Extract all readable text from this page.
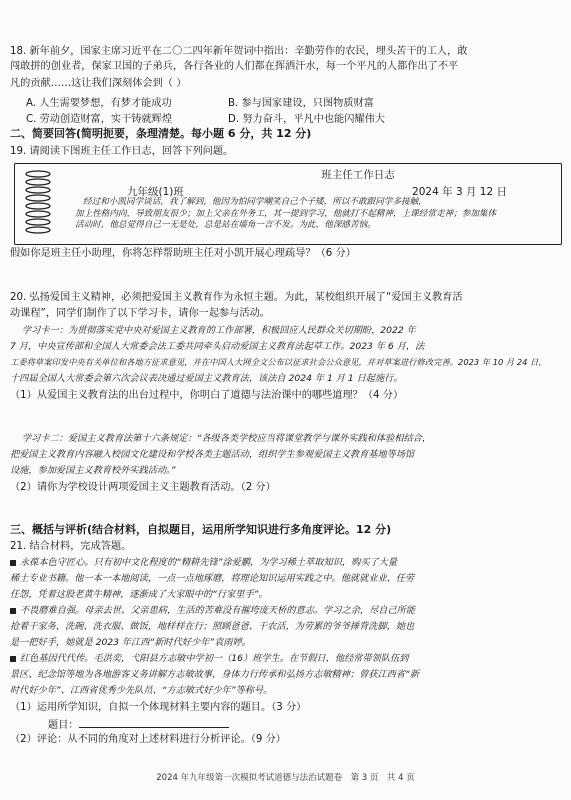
18. 新年前夕，国家主席习近平在二〇二四年新年贺词中指出：辛勤劳作的农民，埋头苦干的工人，敢
闯敢拼的创业者，保家卫国的子弟兵，各行各业的人们都在挥洒汗水，每一个平凡的人都作出了不平
凡的贡献……这让我们深刻体会到（ ）
A. 人生需要梦想，有梦才能成功	B. 参与国家建设，只图物质财富
C. 劳动创造财富，实干铸就辉煌	D. 努力奋斗，平凡中也能闪耀伟大
二、简要回答(简明扼要，条理清楚。每小题 6 分，共 12 分)
19. 请阅读下图班主任工作日志，回答下列问题。
班主任工作日志
九年级(1)班	2024 年 3 月 12 日
经过和小凯同学谈话，我了解到，他因为怕同学嘲笑自己个子矮，所以不敢跟同学多接触，
加上性格内向，导致朋友很少；加上父亲在外务工，其一提到学习，他就打不起精神，上课经常走神；参加集体
活动时，他总觉得自己一无是处，总是站在墙角一言不发。为此，他深感苦恼。
假如你是班主任小助理，你将怎样帮助班主任对小凯开展心理疏导？（6 分）
20. 弘扬爱国主义精神，必须把爱国主义教育作为永恒主题。为此，某校组织开展了“爱国主义教育活
动课程”，同学们制作了以下学习卡，请你一起参与活动。
学习卡一：为贯彻落实党中央对爱国主义教育的工作部署，积极回应人民群众关切期盼，2022 年
7 月，中央宣传部和全国人大常委会法工委共同牵头启动爱国主义教育法起草工作。2023 年 6 月，法
工委将草案印发中央有关单位和各地方征求意见，并在中国人大网全文公布以征求社会公众意见，并对草案进行修改完善。2023 年 10 月 24 日，
十四届全国人大常委会第六次会议表决通过爱国主义教育法，该法自 2024 年 1 月 1 日起施行。
（1）从爱国主义教育法的出台过程中，你明白了道德与法治课中的哪些道理？（4 分）
学习卡二：爱国主义教育法第十六条规定：“各级各类学校应当将课堂教学与课外实践和体验相结合，
把爱国主义教育内容融入校园文化建设和学校各类主题活动，组织学生参观爱国主义教育基地等场馆
设施，参加爱国主义教育校外实践活动。”
（2）请你为学校设计两项爱国主义主题教育活动。（2 分）
三、概括与评析(结合材料，自拟题目，运用所学知识进行多角度评论。12 分)
21. 结合材料，完成答题。
永葆本色守匠心。只有初中文化程度的“精耕先锋”涂爱鹏，为学习稀土萃取知识，购买了大量
稀土专业书籍。他一本一本地阅读，一点一点地琢磨，将理论知识运用实践之中。他就就业业、任劳
任怨，凭着这股老黄牛精神，逐渐成了大家眼中的“行家里手”。
不畏磨难自强。母亲去世、父亲患病，生活的苦难没有摧垮庞天桥的意志。学习之余，尽自己所能
抢着干家务，洗碗、洗衣服、做饭，地样样在行；照顾爸爸、干农活，为劳累的爷爷捶背洗脚，她也
是一把好手，她就是 2023 年江西“新时代好少年”袁雨婷。
红色基因代代传。毛洪奕，弋阳县方志敏中学初一（16）班学生。在节假日，他经常带领队伍到
景区、纪念馆等地为各地游客义务讲解方志敏故事，身体力行传承和弘扬方志敏精神；曾获江西省“新
时代好少年”、江西省优秀少先队员、“方志敏式好少年”等称号。
（1）运用所学知识，自拟一个体现材料主要内容的题目。（3 分）
题目：
（2）评论：从不同的角度对上述材料进行分析评论。（9 分）
2024 年九年级第一次模拟考试道德与法治试题卷　第 3 页　共 4 页
